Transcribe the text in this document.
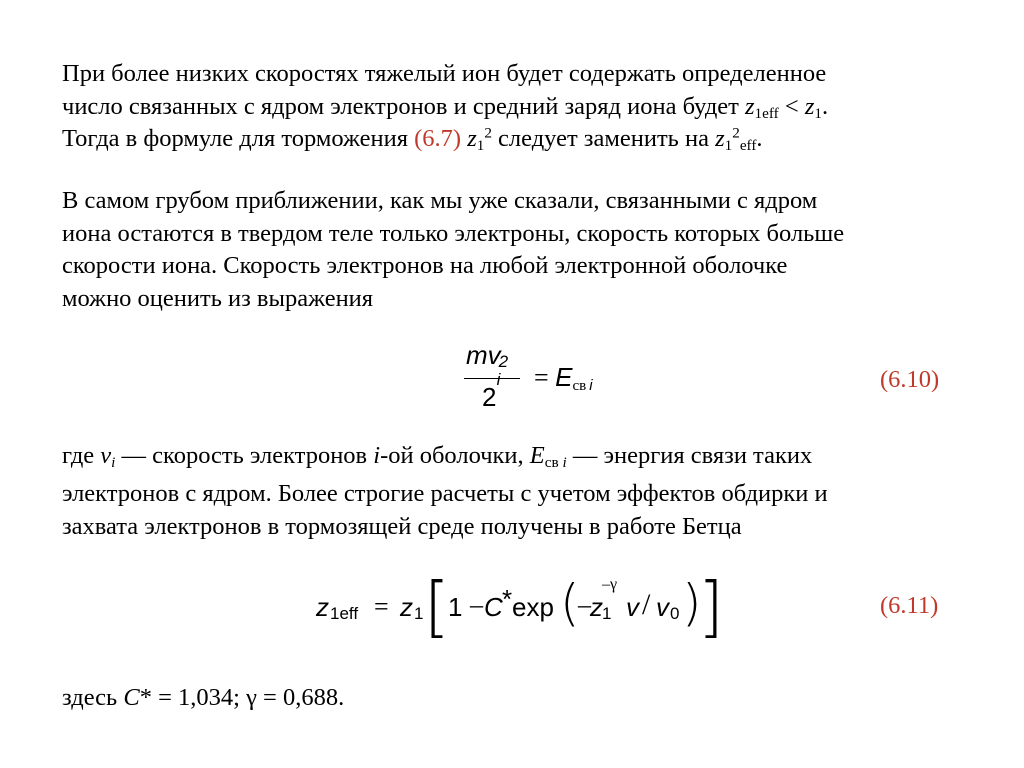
При более низких скоростях тяжелый ион будет содержать определенное
число связанных с ядром электронов и средний заряд иона будет $z_{1eff} < z_1$.
Тогда в формуле для торможения (6.7) $z_1^2$ следует заменить на $z_1^2_{eff}$.
В самом грубом приближении, как мы уже сказали, связанными с ядром
иона остаются в твердом теле только электроны, скорость которых больше
скорости иона. Скорость электронов на любой электронной оболочке
можно оценить из выражения
mv
2
i
2
= $E_{св}$ $_i$	(6.10)
где $v_i$ — скорость электронов i-ой оболочки, $E_{св}$ $_i$ — энергия связи таких
электронов с ядром. Более строгие расчеты с учетом эффектов обдирки и
захвата электронов в тормозящей среде получены в работе Бетца
z 1eff = z 1 [
1 – C * exp (
– z 1
–γ
v / v 0 )
]	(6.11)
здесь C* = 1,034; γ = 0,688.
